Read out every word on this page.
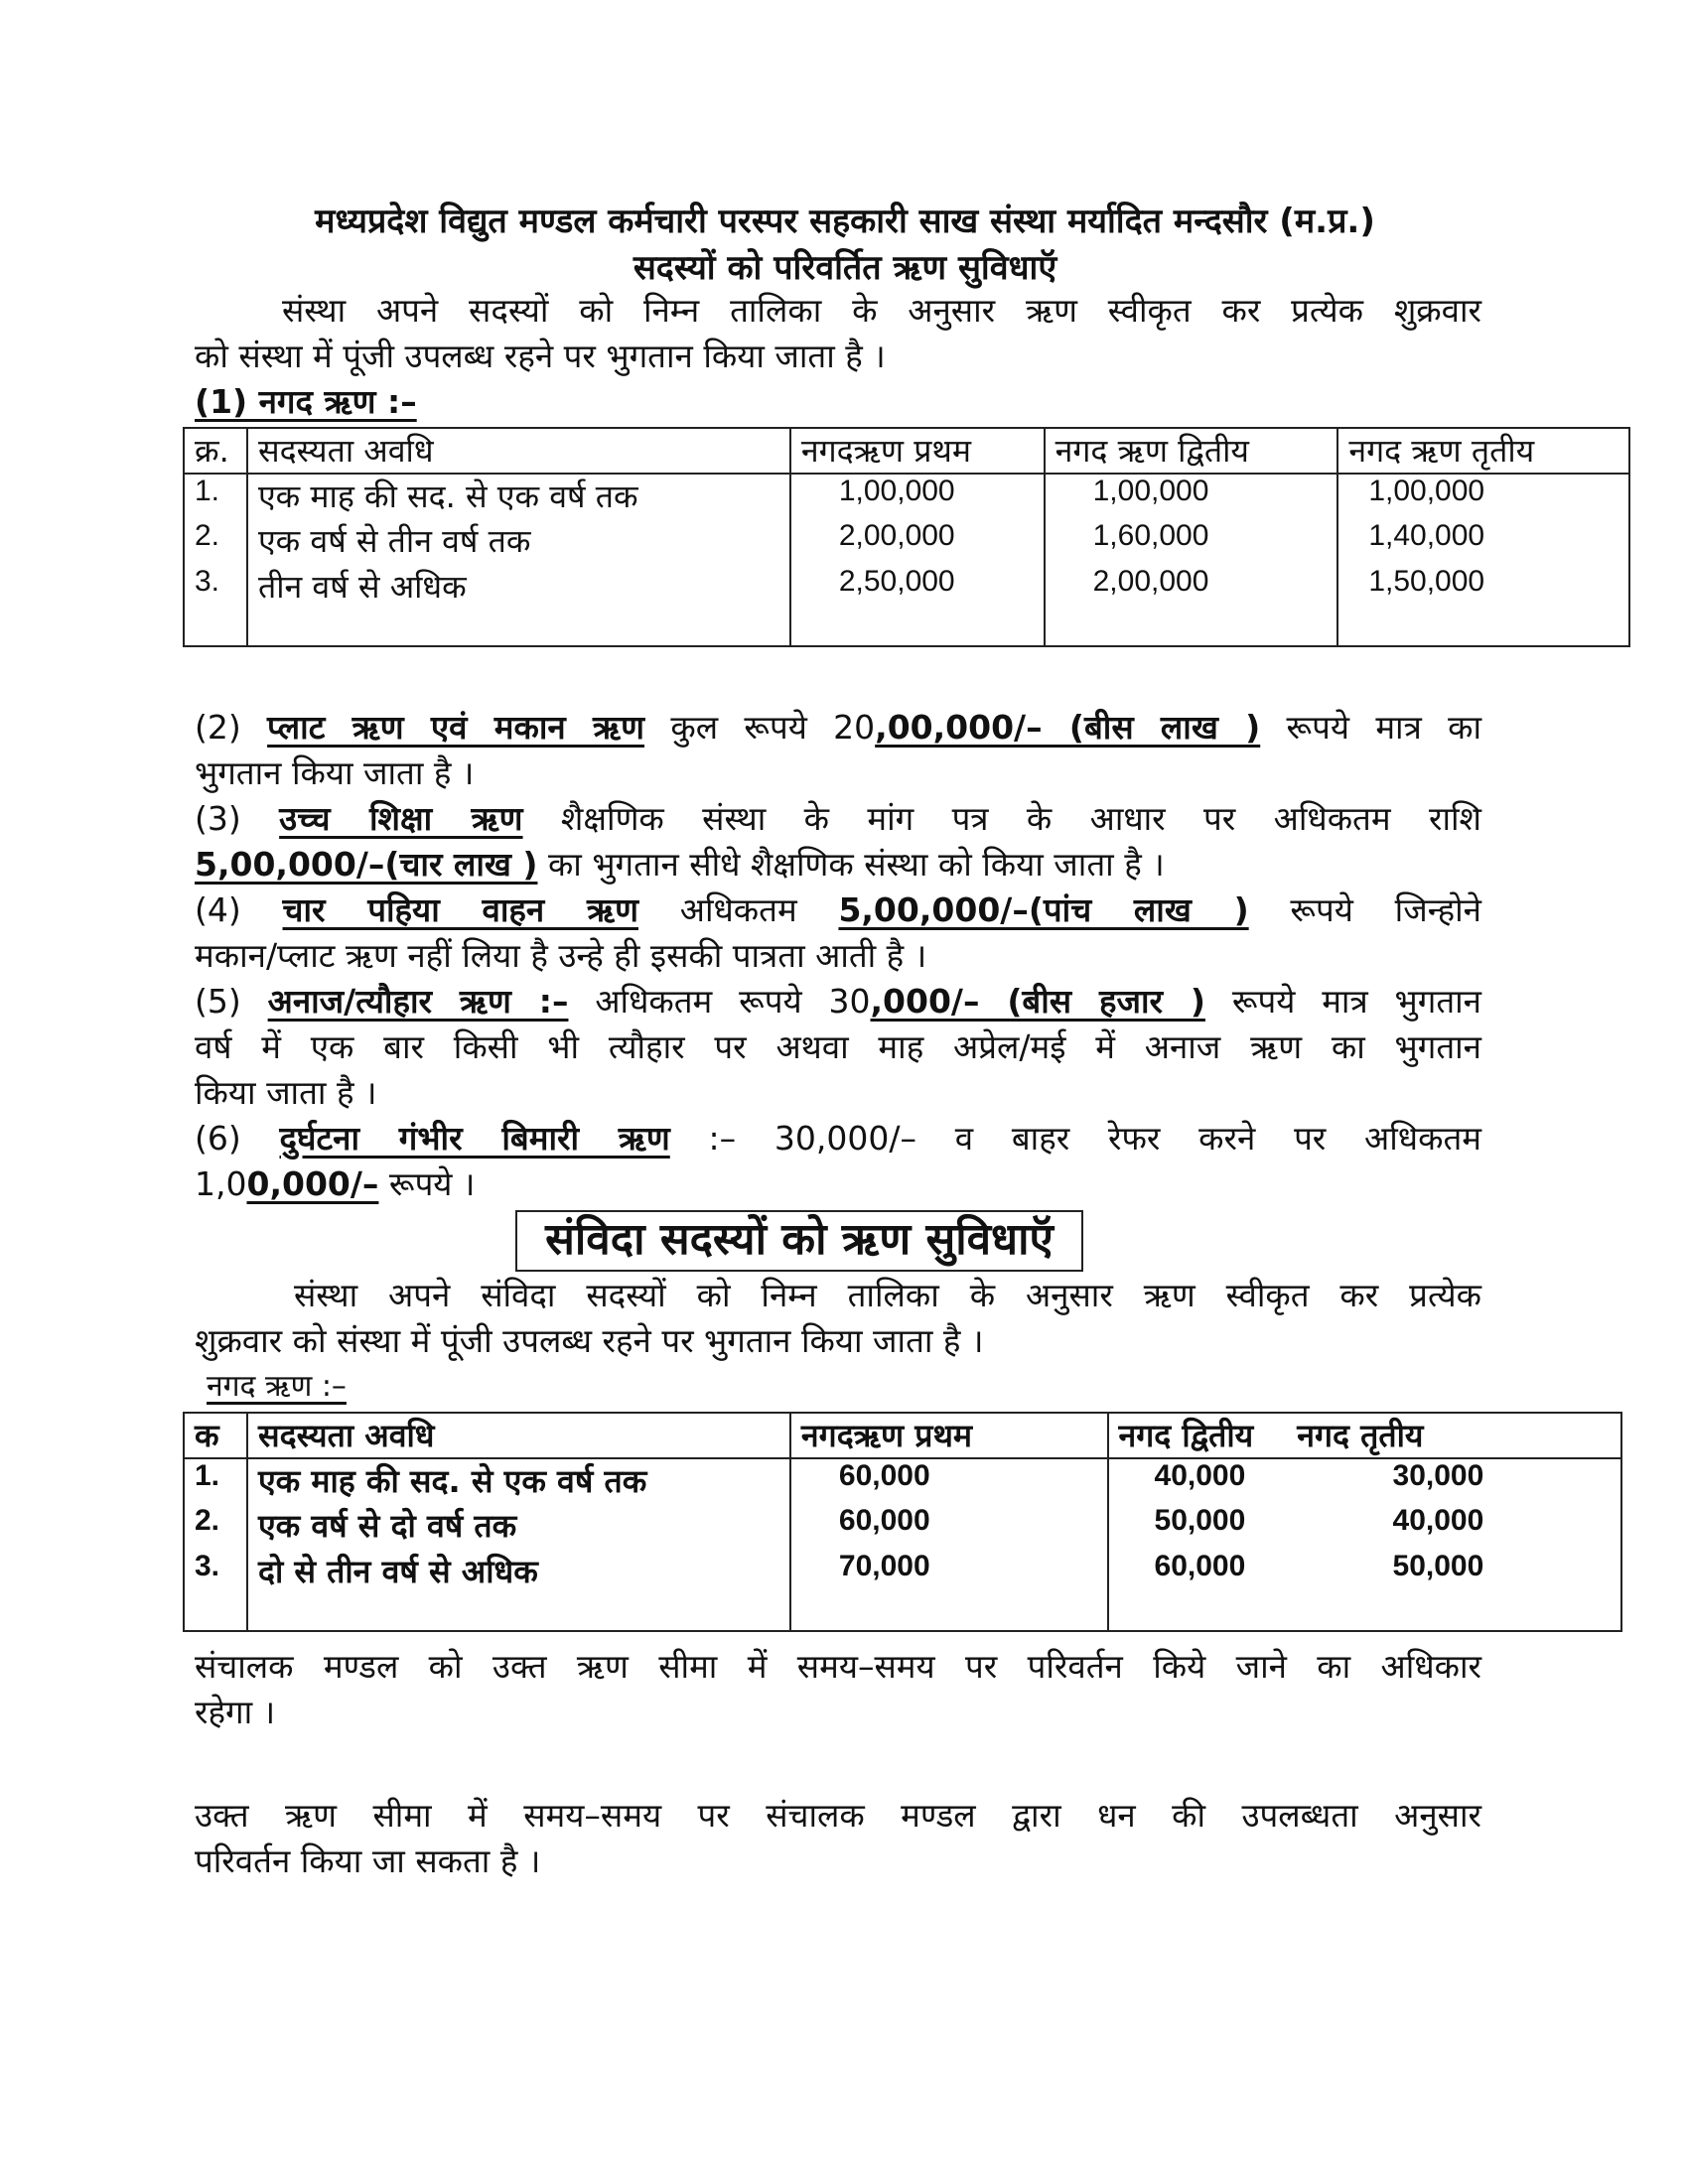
मध्यप्रदेश विद्युत मण्डल कर्मचारी परस्पर सहकारी साख संस्था मर्यादित मन्दसौर (म.प्र.)
सदस्यों को परिवर्तित ऋण सुविधाऍ
संस्था अपने सदस्यों को निम्न तालिका के अनुसार ऋण स्वीकृत कर प्रत्येक शुक्रवार
को संस्था में पूंजी उपलब्ध रहने पर भुगतान किया जाता है ।
(1) नगद ऋण :–
क्र.	सदस्यता अवधि	नगदऋण प्रथम	नगद ऋण द्वितीय	नगद ऋण तृतीय
1.	एक माह की सद. से एक वर्ष तक	1,00,000	1,00,000	1,00,000
2.	एक वर्ष से तीन वर्ष तक	2,00,000	1,60,000	1,40,000
3.	तीन वर्ष से अधिक	2,50,000	2,00,000	1,50,000
(2) प्लाट ऋण एवं मकान ऋण कुल रूपये 20,00,000/– (बीस लाख ) रूपये मात्र का
भुगतान किया जाता है ।
(3) उच्च शिक्षा ऋण शैक्षणिक संस्था के मांग पत्र के आधार पर अधिकतम राशि
5,00,000/–(चार लाख ) का भुगतान सीधे शैक्षणिक संस्था को किया जाता है ।
(4) चार पहिया वाहन ऋण अधिकतम 5,00,000/–(पांच लाख ) रूपये जिन्होने
मकान/प्लाट ऋण नहीं लिया है उन्हे ही इसकी पात्रता आती है ।
(5) अनाज/त्यौहार ऋण :– अधिकतम रूपये 30,000/– (बीस हजार ) रूपये मात्र भुगतान
वर्ष में एक बार किसी भी त्यौहार पर अथवा माह अप्रेल/मई में अनाज ऋण का भुगतान
किया जाता है ।
(6) दुर्घटना गंभीर बिमारी ऋण :– 30,000/– व बाहर रेफर करने पर अधिकतम
1,00,000/– रूपये ।
संविदा सदस्यों को ऋण सुविधाऍ
संस्था अपने संविदा सदस्यों को निम्न तालिका के अनुसार ऋण स्वीकृत कर प्रत्येक
शुक्रवार को संस्था में पूंजी उपलब्ध रहने पर भुगतान किया जाता है ।
नगद ऋण :–
क	सदस्यता अवधि	नगदऋण प्रथम	नगद द्वितीय नगद तृतीय
1.	एक माह की सद. से एक वर्ष तक	60,000	40,000 30,000
2.	एक वर्ष से दो वर्ष तक	60,000	50,000 40,000
3.	दो से तीन वर्ष से अधिक	70,000	60,000 50,000
संचालक मण्डल को उक्त ऋण सीमा में समय–समय पर परिवर्तन किये जाने का अधिकार
रहेगा ।
उक्त ऋण सीमा में समय–समय पर संचालक मण्डल द्वारा धन की उपलब्धता अनुसार
परिवर्तन किया जा सकता है ।
